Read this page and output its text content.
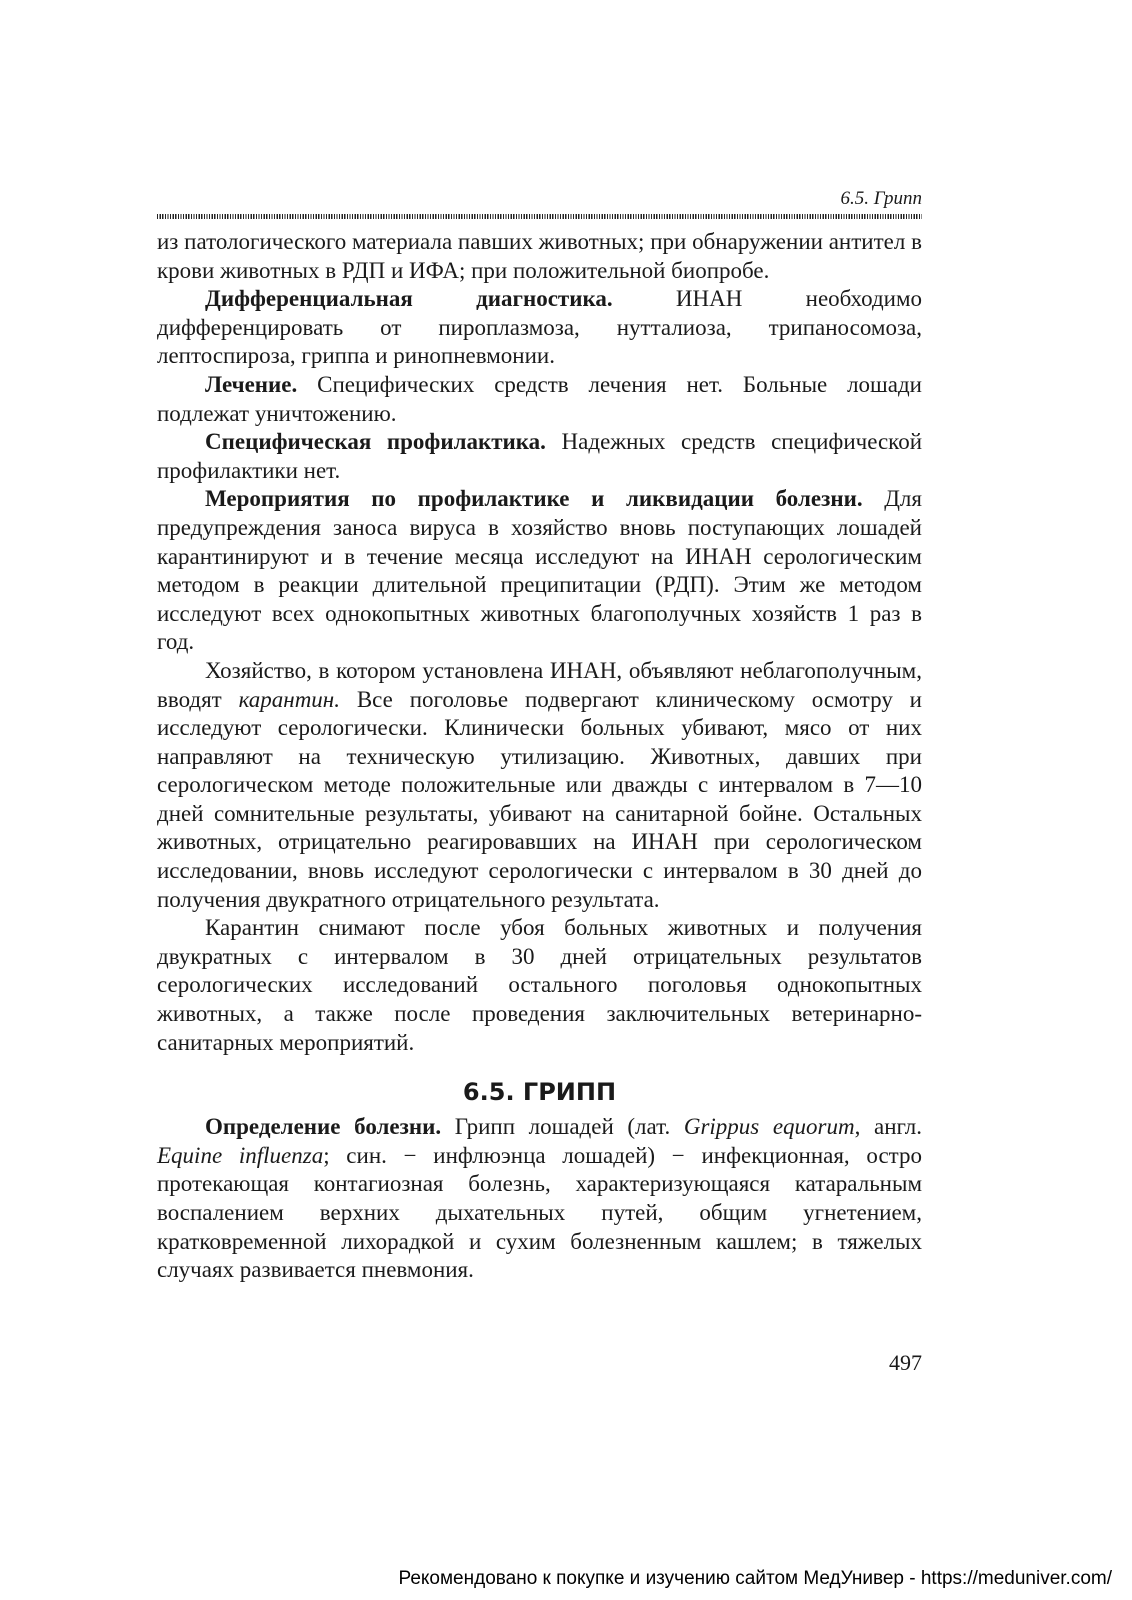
6.5. Грипп

из патологического материала павших животных; при обнаружении антител в крови животных в РДП и ИФА; при положительной биопробе.

Дифференциальная диагностика. ИНАН необходимо дифференцировать от пироплазмоза, нутталиоза, трипаносомоза, лептоспироза, гриппа и ринопневмонии.

Лечение. Специфических средств лечения нет. Больные лошади подлежат уничтожению.

Специфическая профилактика. Надежных средств специфической профилактики нет.

Мероприятия по профилактике и ликвидации болезни. Для предупреждения заноса вируса в хозяйство вновь поступающих лошадей карантинируют и в течение месяца исследуют на ИНАН серологическим методом в реакции длительной преципитации (РДП). Этим же методом исследуют всех однокопытных животных благополучных хозяйств 1 раз в год.

Хозяйство, в котором установлена ИНАН, объявляют неблагополучным, вводят карантин. Все поголовье подвергают клиническому осмотру и исследуют серологически. Клинически больных убивают, мясо от них направляют на техническую утилизацию. Животных, давших при серологическом методе положительные или дважды с интервалом в 7—10 дней сомнительные результаты, убивают на санитарной бойне. Остальных животных, отрицательно реагировавших на ИНАН при серологическом исследовании, вновь исследуют серологически с интервалом в 30 дней до получения двукратного отрицательного результата.

Карантин снимают после убоя больных животных и получения двукратных с интервалом в 30 дней отрицательных результатов серологических исследований остального поголовья однокопытных животных, а также после проведения заключительных ветеринарно-санитарных мероприятий.

6.5. ГРИПП

Определение болезни. Грипп лошадей (лат. Grippus equorum, англ. Equine influenza; син. − инфлюэнца лошадей) − инфекционная, остро протекающая контагиозная болезнь, характеризующаяся катаральным воспалением верхних дыхательных путей, общим угнетением, кратковременной лихорадкой и сухим болезненным кашлем; в тяжелых случаях развивается пневмония.

497
Рекомендовано к покупке и изучению сайтом МедУнивер - https://meduniver.com/
